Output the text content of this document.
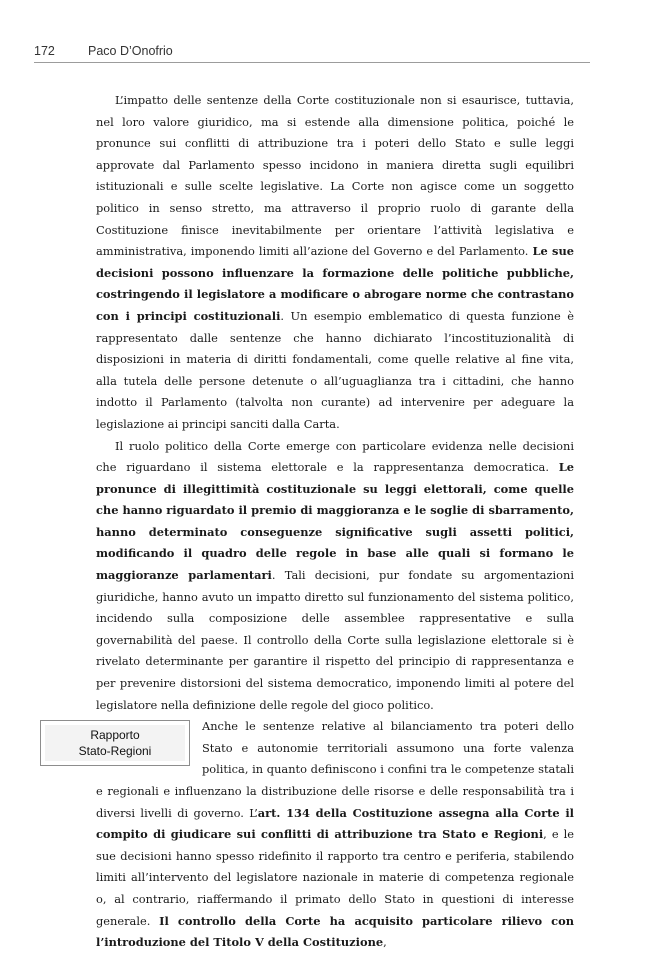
172	Paco D’Onofrio

L’impatto delle sentenze della Corte costituzionale non si esaurisce, tuttavia, nel loro valore giuridico, ma si estende alla dimensione politica, poiché le pronunce sui conflitti di attribuzione tra i poteri dello Stato e sulle leggi approvate dal Parlamento spesso incidono in maniera diretta sugli equilibri istituzionali e sulle scelte legislative. La Corte non agisce come un soggetto politico in senso stretto, ma attraverso il proprio ruolo di garante della Costituzione finisce inevitabilmente per orientare l’attività legislativa e amministrativa, imponendo limiti all’azione del Governo e del Parlamento. Le sue decisioni possono influenzare la formazione delle politiche pubbliche, costringendo il legislatore a modificare o abrogare norme che contrastano con i principi costituzionali. Un esempio emblematico di questa funzione è rappresentato dalle sentenze che hanno dichiarato l’incostituzionalità di disposizioni in materia di diritti fondamentali, come quelle relative al fine vita, alla tutela delle persone detenute o all’uguaglianza tra i cittadini, che hanno indotto il Parlamento (talvolta non curante) ad intervenire per adeguare la legislazione ai principi sanciti dalla Carta.

Il ruolo politico della Corte emerge con particolare evidenza nelle decisioni che riguardano il sistema elettorale e la rappresentanza democratica. Le pronunce di illegittimità costituzionale su leggi elettorali, come quelle che hanno riguardato il premio di maggioranza e le soglie di sbarramento, hanno determinato conseguenze significative sugli assetti politici, modificando il quadro delle regole in base alle quali si formano le maggioranze parlamentari. Tali decisioni, pur fondate su argomentazioni giuridiche, hanno avuto un impatto diretto sul funzionamento del sistema politico, incidendo sulla composizione delle assemblee rappresentative e sulla governabilità del paese. Il controllo della Corte sulla legislazione elettorale si è rivelato determinante per garantire il rispetto del principio di rappresentanza e per prevenire distorsioni del sistema democratico, imponendo limiti al potere del legislatore nella definizione delle regole del gioco politico.

Rapporto
Stato-Regioni
Anche le sentenze relative al bilanciamento tra poteri dello Stato e autonomie territoriali assumono una forte valenza politica, in quanto definiscono i confini tra le competenze statali e regionali e influenzano la distribuzione delle risorse e delle responsabilità tra i diversi livelli di governo. L’art. 134 della Costituzione assegna alla Corte il compito di giudicare sui conflitti di attribuzione tra Stato e Regioni, e le sue decisioni hanno spesso ridefinito il rapporto tra centro e periferia, stabilendo limiti all’intervento del legislatore nazionale in materie di competenza regionale o, al contrario, riaffermando il primato dello Stato in questioni di interesse generale. Il controllo della Corte ha acquisito particolare rilievo con l’introduzione del Titolo V della Costituzione,
